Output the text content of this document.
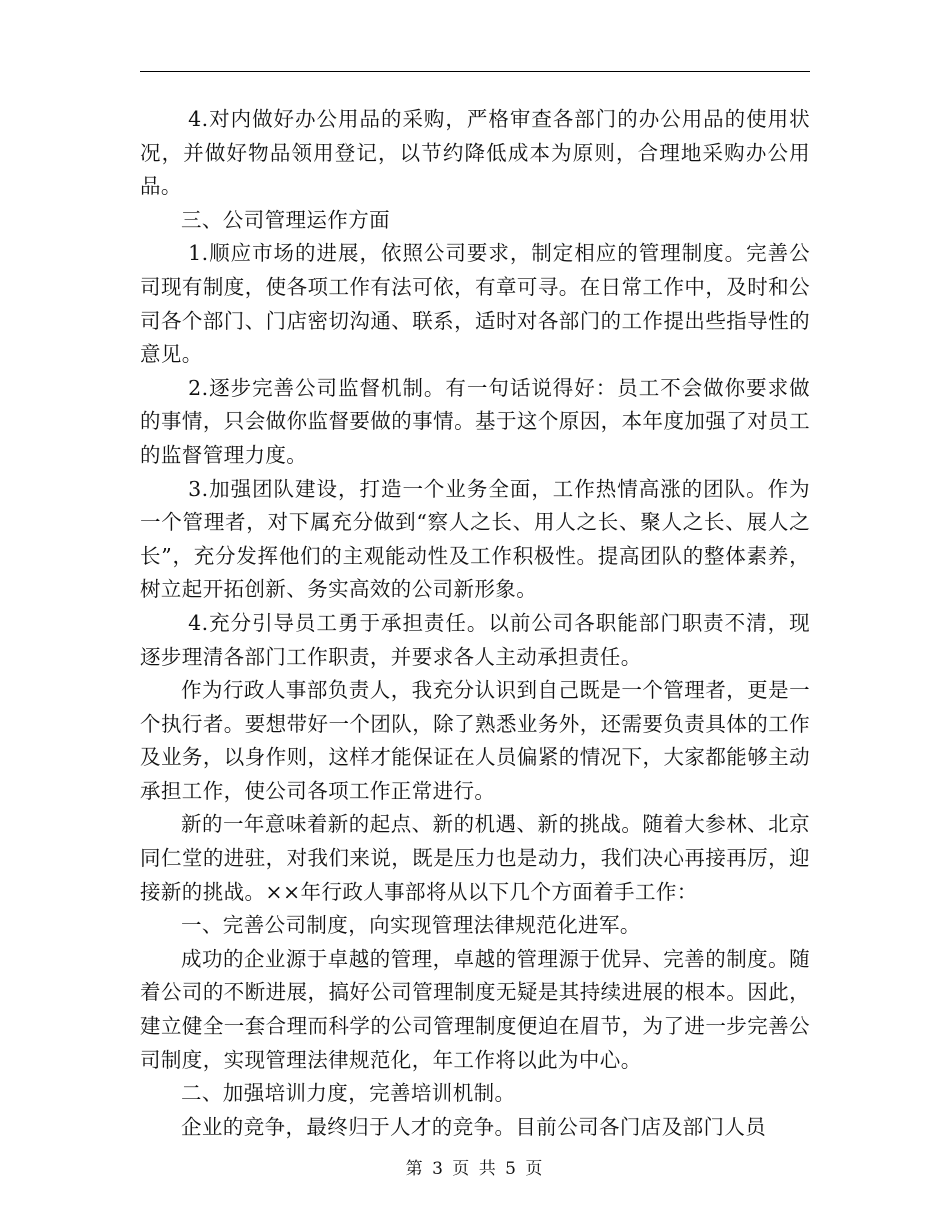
4.对内做好办公用品的采购，严格审查各部门的办公用品的使用状况，并做好物品领用登记，以节约降低成本为原则，合理地采购办公用品。

三、公司管理运作方面

1.顺应市场的进展，依照公司要求，制定相应的管理制度。完善公司现有制度，使各项工作有法可依，有章可寻。在日常工作中，及时和公司各个部门、门店密切沟通、联系，适时对各部门的工作提出些指导性的意见。

2.逐步完善公司监督机制。有一句话说得好：员工不会做你要求做的事情，只会做你监督要做的事情。基于这个原因，本年度加强了对员工的监督管理力度。

3.加强团队建设，打造一个业务全面，工作热情高涨的团队。作为一个管理者，对下属充分做到“察人之长、用人之长、聚人之长、展人之长”，充分发挥他们的主观能动性及工作积极性。提高团队的整体素养，树立起开拓创新、务实高效的公司新形象。

4.充分引导员工勇于承担责任。以前公司各职能部门职责不清，现逐步理清各部门工作职责，并要求各人主动承担责任。

作为行政人事部负责人，我充分认识到自己既是一个管理者，更是一个执行者。要想带好一个团队，除了熟悉业务外，还需要负责具体的工作及业务，以身作则，这样才能保证在人员偏紧的情况下，大家都能够主动承担工作，使公司各项工作正常进行。

新的一年意味着新的起点、新的机遇、新的挑战。随着大参林、北京同仁堂的进驻，对我们来说，既是压力也是动力，我们决心再接再厉，迎接新的挑战。××年行政人事部将从以下几个方面着手工作：

一、完善公司制度，向实现管理法律规范化进军。

成功的企业源于卓越的管理，卓越的管理源于优异、完善的制度。随着公司的不断进展，搞好公司管理制度无疑是其持续进展的根本。因此，建立健全一套合理而科学的公司管理制度便迫在眉节，为了进一步完善公司制度，实现管理法律规范化，年工作将以此为中心。

二、加强培训力度，完善培训机制。

企业的竞争，最终归于人才的竞争。目前公司各门店及部门人员

第 3 页 共 5 页
